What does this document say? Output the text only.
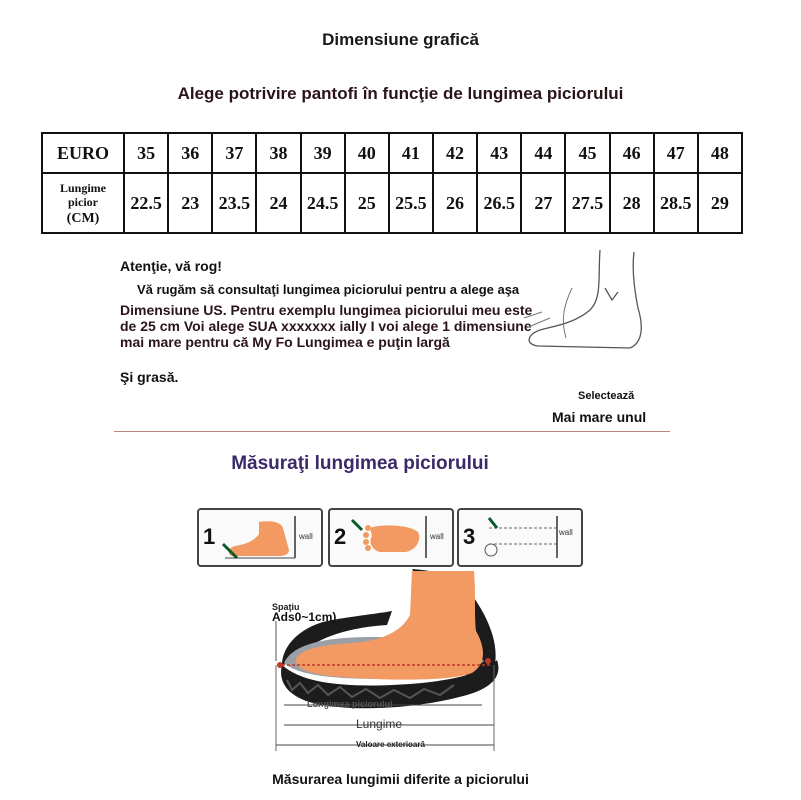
Dimensiune grafică
Alege potrivire pantofi în funcţie de lungimea piciorului
EURO	35	36	37	38	39	40	41	42	43	44	45	46	47	48

Lungime
picior
(CM)	22.5	23	23.5	24	24.5	25	25.5	26	26.5	27	27.5	28	28.5	29
Atenţie, vă rog!
Vă rugăm să consultaţi lungimea piciorului pentru a alege aşa
Dimensiune US. Pentru exemplu lungimea piciorului meu este de 25 cm Voi alege SUA xxxxxxx ially I voi alege 1 dimensiune mai mare pentru că My Fo Lungimea e puţin largă
Şi grasă.
Selectează
Mai mare unul
Măsuraţi lungimea piciorului
1	wall 2	wall 3	wall
Spaţiu
Ads0~1cm)
Lungimea piciorului
Lungime
Valoare exterioară
Măsurarea lungimii diferite a piciorului
